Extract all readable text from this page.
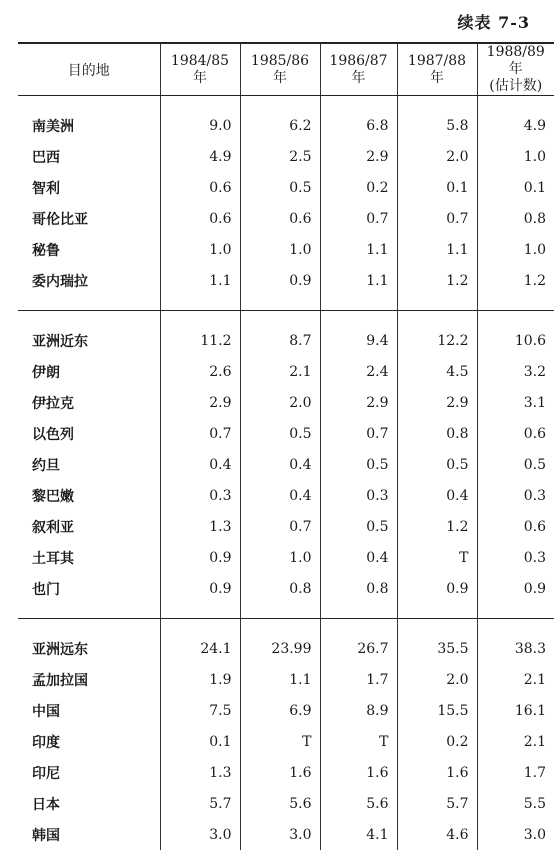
续表 7-3
目的地	1984/85 年	1985/86 年	1986/87 年	1987/88 年	1988/89 年
(估计数)

南美洲	9.0	6.2	6.8	5.8	4.9
巴西	4.9	2.5	2.9	2.0	1.0
智利	0.6	0.5	0.2	0.1	0.1
哥伦比亚	0.6	0.6	0.7	0.7	0.8
秘鲁	1.0	1.0	1.1	1.1	1.0
委内瑞拉	1.1	0.9	1.1	1.2	1.2

亚洲近东	11.2	8.7	9.4	12.2	10.6
伊朗	2.6	2.1	2.4	4.5	3.2
伊拉克	2.9	2.0	2.9	2.9	3.1
以色列	0.7	0.5	0.7	0.8	0.6
约旦	0.4	0.4	0.5	0.5	0.5
黎巴嫩	0.3	0.4	0.3	0.4	0.3
叙利亚	1.3	0.7	0.5	1.2	0.6
土耳其	0.9	1.0	0.4	T	0.3
也门	0.9	0.8	0.8	0.9	0.9

亚洲远东	24.1	23.99	26.7	35.5	38.3
孟加拉国	1.9	1.1	1.7	2.0	2.1
中国	7.5	6.9	8.9	15.5	16.1
印度	0.1	T	T	0.2	2.1
印尼	1.3	1.6	1.6	1.6	1.7
日本	5.7	5.6	5.6	5.7	5.5
韩国	3.0	3.0	4.1	4.6	3.0
